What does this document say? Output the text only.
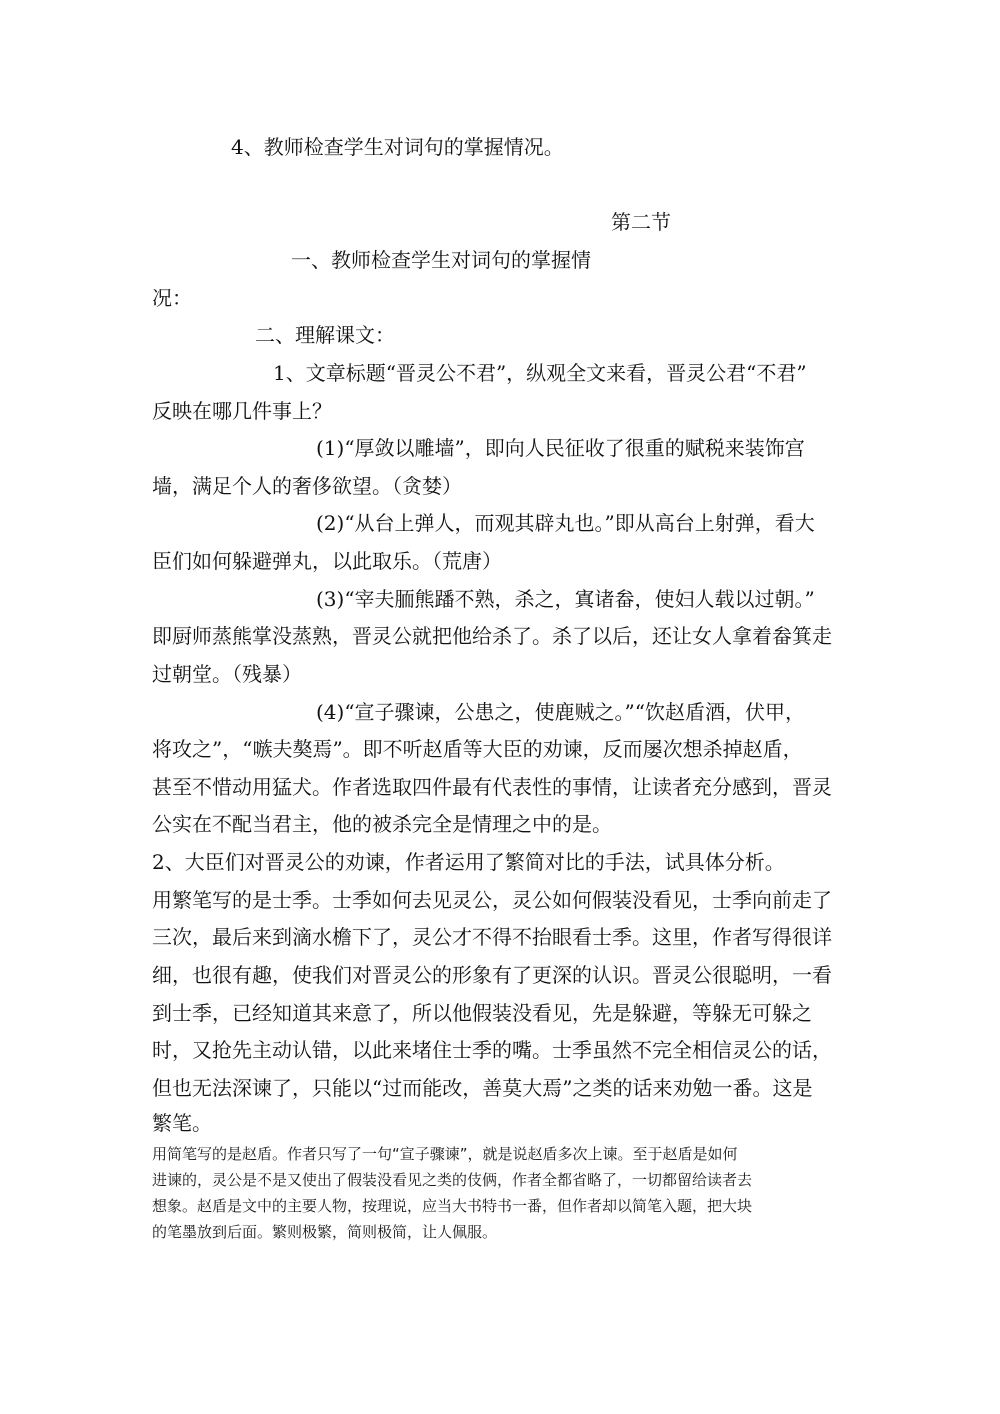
4、教师检查学生对词句的掌握情况。
第二节
一、教师检查学生对词句的掌握情
况：
二、理解课文：
1、文章标题“晋灵公不君”，纵观全文来看，晋灵公君“不君”
反映在哪几件事上？
(1)“厚敛以雕墙”，即向人民征收了很重的赋税来装饰宫
墙，满足个人的奢侈欲望。（贪婪）
(2)“从台上弹人，而观其辟丸也。”即从高台上射弹，看大
臣们如何躲避弹丸，以此取乐。（荒唐）
(3)“宰夫胹熊蹯不熟，杀之，寘诸畚，使妇人载以过朝。”
即厨师蒸熊掌没蒸熟，晋灵公就把他给杀了。杀了以后，还让女人拿着畚箕走
过朝堂。（残暴）
(4)“宣子骤谏，公患之，使鹿贼之。”“饮赵盾酒，伏甲，
将攻之”，“嗾夫獒焉”。即不听赵盾等大臣的劝谏，反而屡次想杀掉赵盾，
甚至不惜动用猛犬。作者选取四件最有代表性的事情，让读者充分感到，晋灵
公实在不配当君主，他的被杀完全是情理之中的是。
2、大臣们对晋灵公的劝谏，作者运用了繁简对比的手法，试具体分析。
用繁笔写的是士季。士季如何去见灵公，灵公如何假装没看见，士季向前走了
三次，最后来到滴水檐下了，灵公才不得不抬眼看士季。这里，作者写得很详
细，也很有趣，使我们对晋灵公的形象有了更深的认识。晋灵公很聪明，一看
到士季，已经知道其来意了，所以他假装没看见，先是躲避，等躲无可躲之
时，又抢先主动认错，以此来堵住士季的嘴。士季虽然不完全相信灵公的话，
但也无法深谏了，只能以“过而能改，善莫大焉”之类的话来劝勉一番。这是
繁笔。
用简笔写的是赵盾。作者只写了一句“宣子骤谏”，就是说赵盾多次上谏。至于赵盾是如何
进谏的，灵公是不是又使出了假装没看见之类的伎俩，作者全都省略了，一切都留给读者去
想象。赵盾是文中的主要人物，按理说，应当大书特书一番，但作者却以简笔入题，把大块
的笔墨放到后面。繁则极繁，简则极简，让人佩服。
